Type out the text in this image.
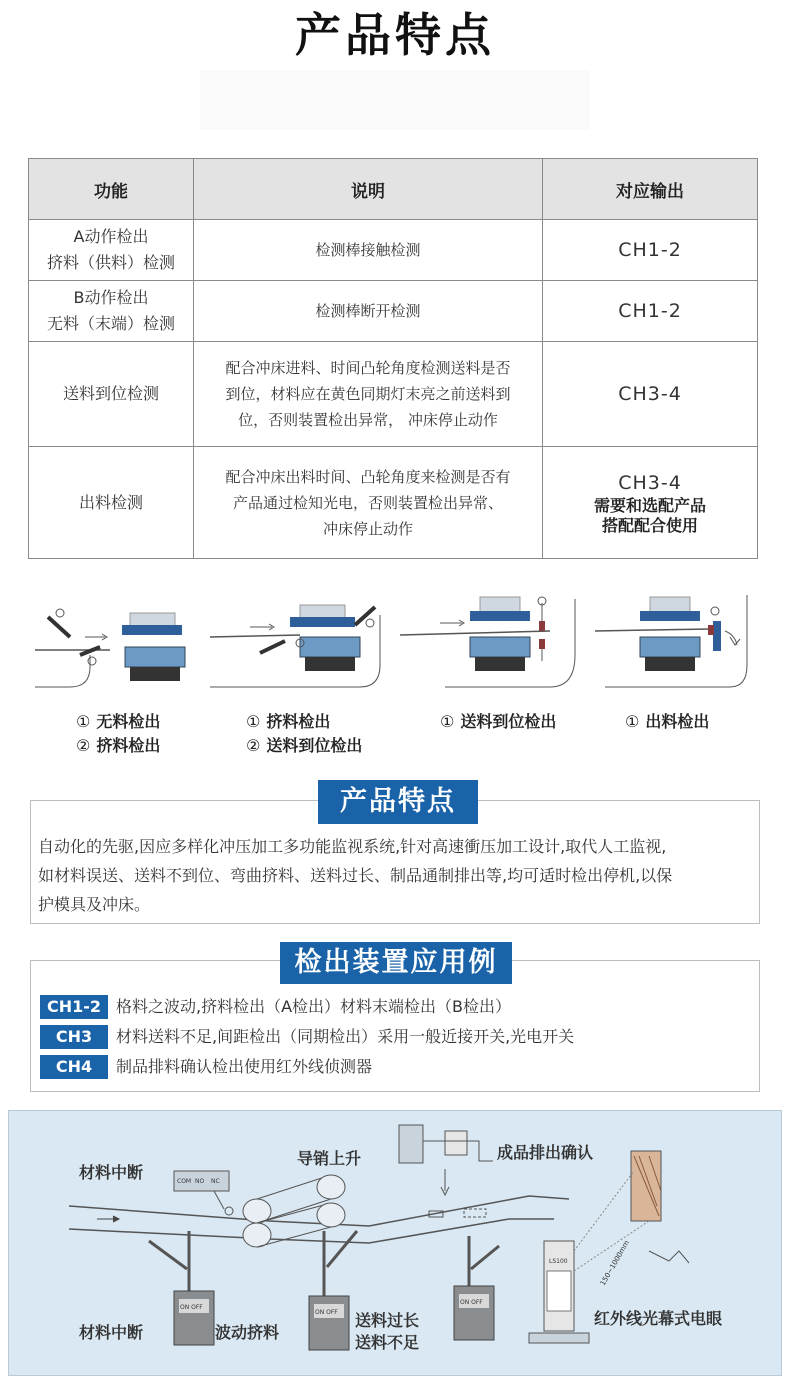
产品特点
功能	说明	对应输出
A动作检出
挤料（供料）检测	检测棒接触检测	CH1-2
B动作检出
无料（末端）检测	检测棒断开检测	CH1-2
送料到位检测	配合冲床进料、时间凸轮角度检测送料是否
到位，材料应在黄色同期灯末亮之前送料到
位，否则装置检出异常， 冲床停止动作	CH3-4
出料检测	配合冲床出料时间、凸轮角度来检测是否有
产品通过检知光电，否则装置检出异常、
冲床停止动作	CH3-4
需要和选配产品
搭配配合使用
① 无料检出
② 挤料检出
① 挤料检出
② 送料到位检出
① 送料到位检出	① 出料检出
产品特点
自动化的先驱,因应多样化冲压加工多功能监视系统,针对高速衝压加工设计,取代人工监视,
如材料误送、送料不到位、弯曲挤料、送料过长、制品通制排出等,均可适时检出停机,以保
护模具及冲床。
检出装置应用例
CH1-2 格料之波动,挤料检出（A检出）材料末端检出（B检出）
CH3	材料送料不足,间距检出（同期检出）采用一般近接开关,光电开关
CH4	制品排料确认检出使用红外线侦测器
COM NO NC
ON OFF
ON OFF
ON OFF
LS100	150~1000mm
导销上升	成品排出确认
材料中断
材料中断	波动挤料
送料过长
送料不足
红外线光幕式电眼
